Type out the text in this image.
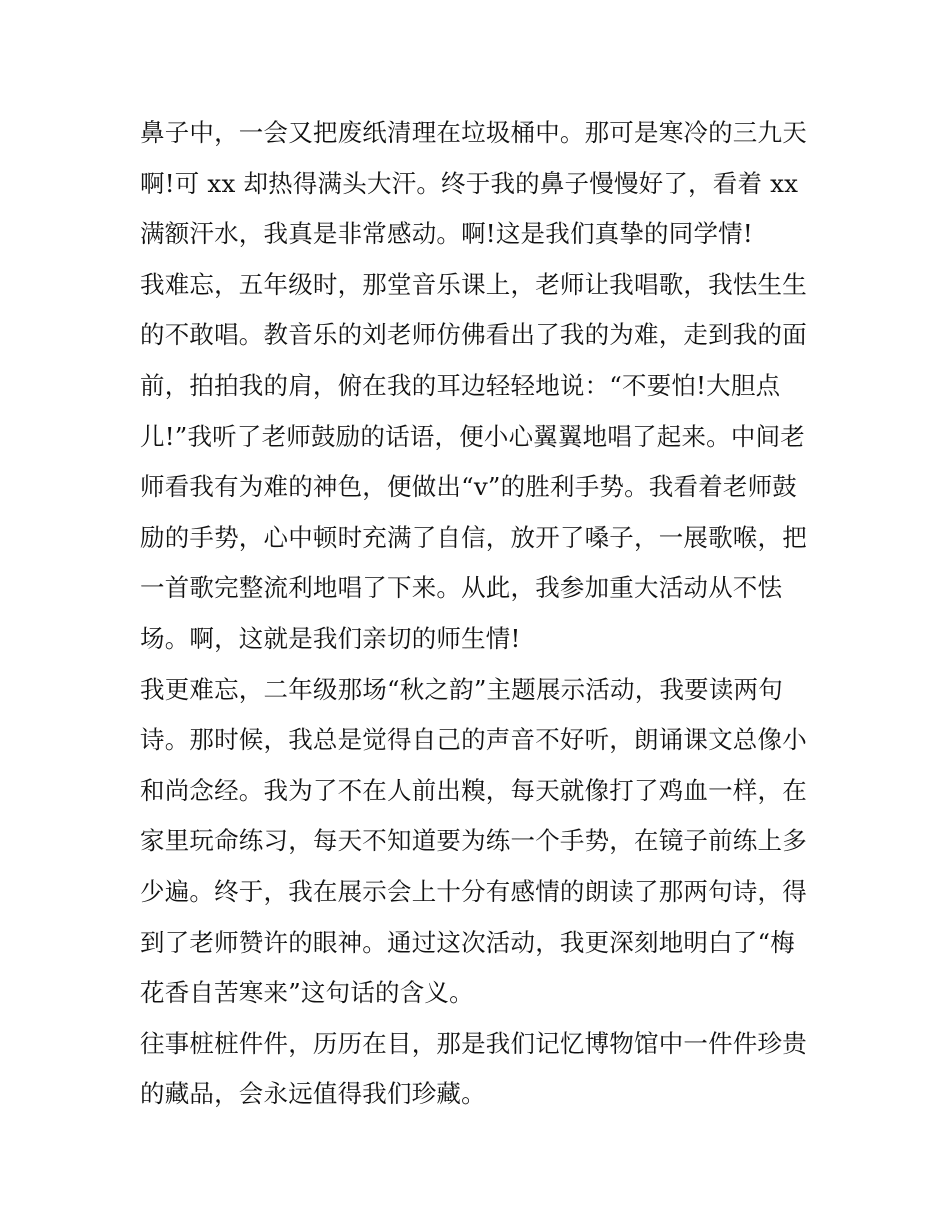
鼻子中，一会又把废纸清理在垃圾桶中。那可是寒冷的三九天
啊!可 xx 却热得满头大汗。终于我的鼻子慢慢好了，看着 xx
满额汗水，我真是非常感动。啊!这是我们真挚的同学情!
我难忘，五年级时，那堂音乐课上，老师让我唱歌，我怯生生
的不敢唱。教音乐的刘老师仿佛看出了我的为难，走到我的面
前，拍拍我的肩，俯在我的耳边轻轻地说：“不要怕!大胆点
儿!”我听了老师鼓励的话语，便小心翼翼地唱了起来。中间老
师看我有为难的神色，便做出“v”的胜利手势。我看着老师鼓
励的手势，心中顿时充满了自信，放开了嗓子，一展歌喉，把
一首歌完整流利地唱了下来。从此，我参加重大活动从不怯
场。啊，这就是我们亲切的师生情!
我更难忘，二年级那场“秋之韵”主题展示活动，我要读两句
诗。那时候，我总是觉得自己的声音不好听，朗诵课文总像小
和尚念经。我为了不在人前出糗，每天就像打了鸡血一样，在
家里玩命练习，每天不知道要为练一个手势，在镜子前练上多
少遍。终于，我在展示会上十分有感情的朗读了那两句诗，得
到了老师赞许的眼神。通过这次活动，我更深刻地明白了“梅
花香自苦寒来”这句话的含义。
往事桩桩件件，历历在目，那是我们记忆博物馆中一件件珍贵
的藏品，会永远值得我们珍藏。
